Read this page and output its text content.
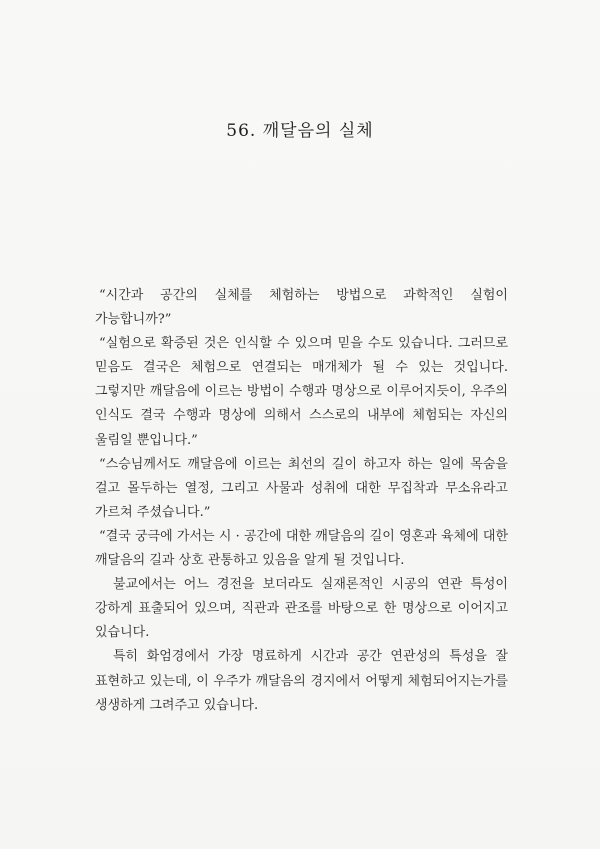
56. 깨달음의 실체

“시간과 공간의 실체를 체험하는 방법으로 과학적인 실험이 가능합니까?”

“실험으로 확증된 것은 인식할 수 있으며 믿을 수도 있습니다. 그러므로 믿음도 결국은 체험으로 연결되는 매개체가 될 수 있는 것입니다. 그렇지만 깨달음에 이르는 방법이 수행과 명상으로 이루어지듯이, 우주의 인식도 결국 수행과 명상에 의해서 스스로의 내부에 체험되는 자신의 울림일 뿐입니다.”

“스승님께서도 깨달음에 이르는 최선의 길이 하고자 하는 일에 목숨을 걸고 몰두하는 열정, 그리고 사물과 성취에 대한 무집착과 무소유라고 가르쳐 주셨습니다.”

“결국 궁극에 가서는 시 · 공간에 대한 깨달음의 길이 영혼과 육체에 대한 깨달음의 길과 상호 관통하고 있음을 알게 될 것입니다.

불교에서는 어느 경전을 보더라도 실재론적인 시공의 연관 특성이 강하게 표출되어 있으며, 직관과 관조를 바탕으로 한 명상으로 이어지고 있습니다.

특히 화엄경에서 가장 명료하게 시간과 공간 연관성의 특성을 잘 표현하고 있는데, 이 우주가 깨달음의 경지에서 어떻게 체험되어지는가를 생생하게 그려주고 있습니다.
